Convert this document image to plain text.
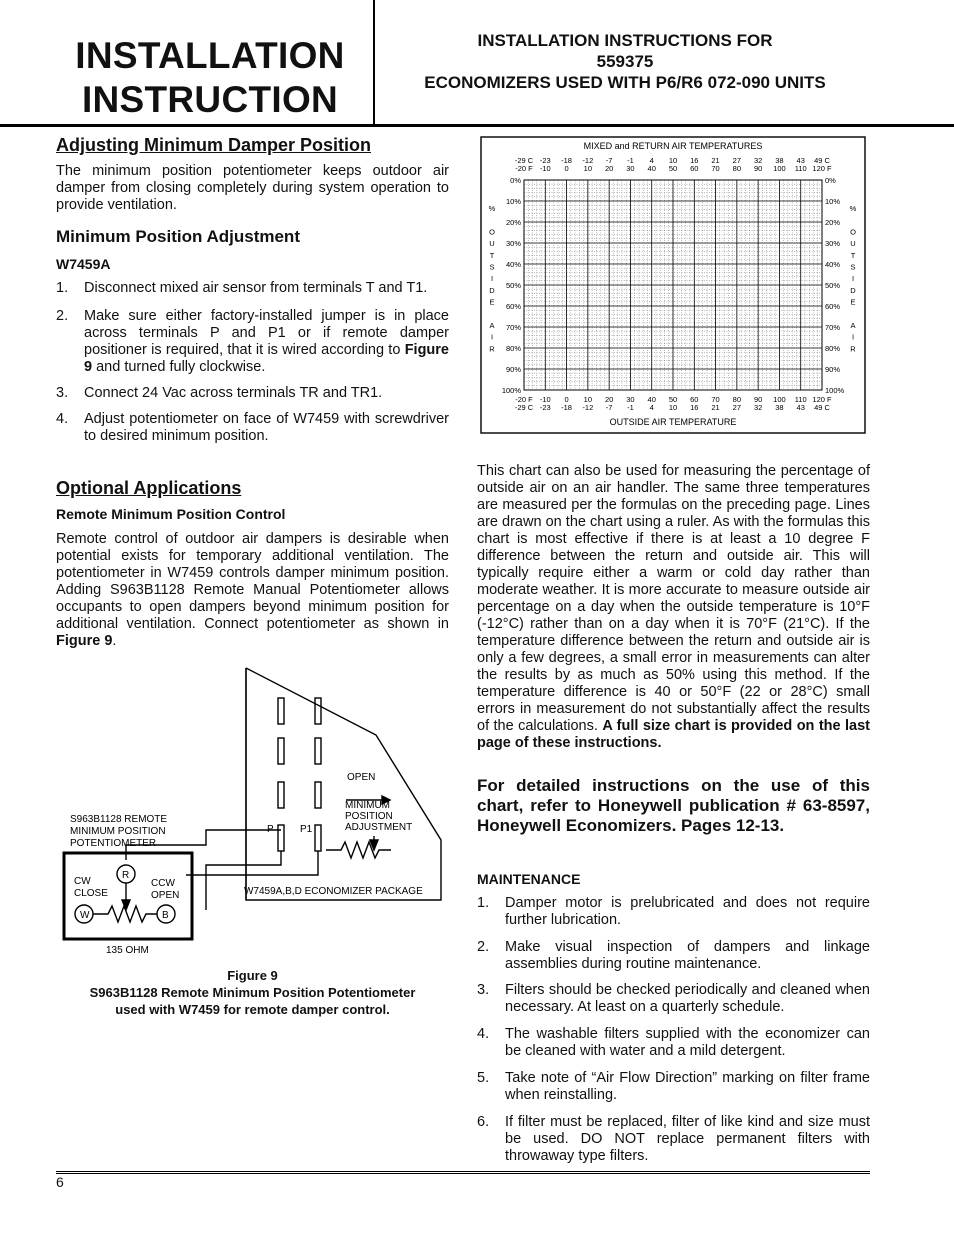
INSTALLATION
INSTRUCTION
INSTALLATION INSTRUCTIONS FOR
559375
ECONOMIZERS USED WITH P6/R6 072-090 UNITS
Adjusting Minimum Damper Position
The minimum position potentiometer keeps outdoor air damper from closing completely during system operation to provide ventilation.
Minimum Position Adjustment
W7459A
1. Disconnect mixed air sensor from terminals T and T1.
2. Make sure either factory-installed jumper is in place across terminals P and P1 or if remote damper positioner is required, that it is wired according to Figure 9 and turned fully clockwise.
3. Connect 24 Vac across terminals TR and TR1.
4. Adjust potentiometer on face of W7459 with screwdriver to desired minimum position.
Optional Applications
Remote Minimum Position Control
Remote control of outdoor air dampers is desirable when potential exists for temporary additional ventilation. The potentiometer in W7459 controls damper minimum position. Adding S963B1128 Remote Manual Potentiometer allows occupants to open dampers beyond minimum position for additional ventilation. Connect potentiometer as shown in Figure 9.
S963B1128 REMOTE
MINIMUM POSITION
POTENTIOMETER
CW
CLOSE
CCW
OPEN
R
W	B
135 OHM
OPEN
MINIMUM
POSITION
ADJUSTMENT
P	P1
W7459A,B,D ECONOMIZER PACKAGE
Figure 9
S963B1128 Remote Minimum Position Potentiometer
used with W7459 for remote damper control.
MIXED and RETURN AIR TEMPERATURES
OUTSIDE AIR TEMPERATURE
-29 C
-20 F
-20 F
-29 C
-23
-10
-10
-23
-18
0
0
-18
-12
10
10
-12
-7
20
20
-7
-1
30
30
-1
4
40
40
4
10
50
50
10
16
60
60
16
21
70
70
21
27
80
80
27
32
90
90
32
38
100
100
38
43
110
110
43
49 C
120 F
120 F
49 C
0%	0%
10%	10%
20%	20%
30%	30%
40%	40%
50%	50%
60%	60%
70%	70%
80%	80%
90%	90%
100%	100%
%	%
O	O
U	U
T	T
S	S
I	I
D	D
E	E
A	A
I	I
R	R
This chart can also be used for measuring the percentage of outside air on an air handler. The same three temperatures are measured per the formulas on the preceding page. Lines are drawn on the chart using a ruler. As with the formulas this chart is most effective if there is at least a 10 degree F difference between the return and outside air. This will typically require either a warm or cold day rather than moderate weather. It is more accurate to measure outside air percentage on a day when the outside temperature is 10°F (-12°C) rather than on a day when it is 70°F (21°C). If the temperature difference between the return and outside air is only a few degrees, a small error in measurements can alter the results by as much as 50% using this method. If the temperature difference is 40 or 50°F (22 or 28°C) small errors in measurement do not substantially affect the results of the calculations. A full size chart is provided on the last page of these instructions.
For detailed instructions on the use of this chart, refer to Honeywell publication # 63-8597, Honeywell Economizers. Pages 12-13.
MAINTENANCE
1. Damper motor is prelubricated and does not require further lubrication.
2. Make visual inspection of dampers and linkage assemblies during routine maintenance.
3. Filters should be checked periodically and cleaned when necessary. At least on a quarterly schedule.
4. The washable filters supplied with the economizer can be cleaned with water and a mild detergent.
5. Take note of “Air Flow Direction” marking on filter frame when reinstalling.
6. If filter must be replaced, filter of like kind and size must be used. DO NOT replace permanent filters with throwaway type filters.
6
